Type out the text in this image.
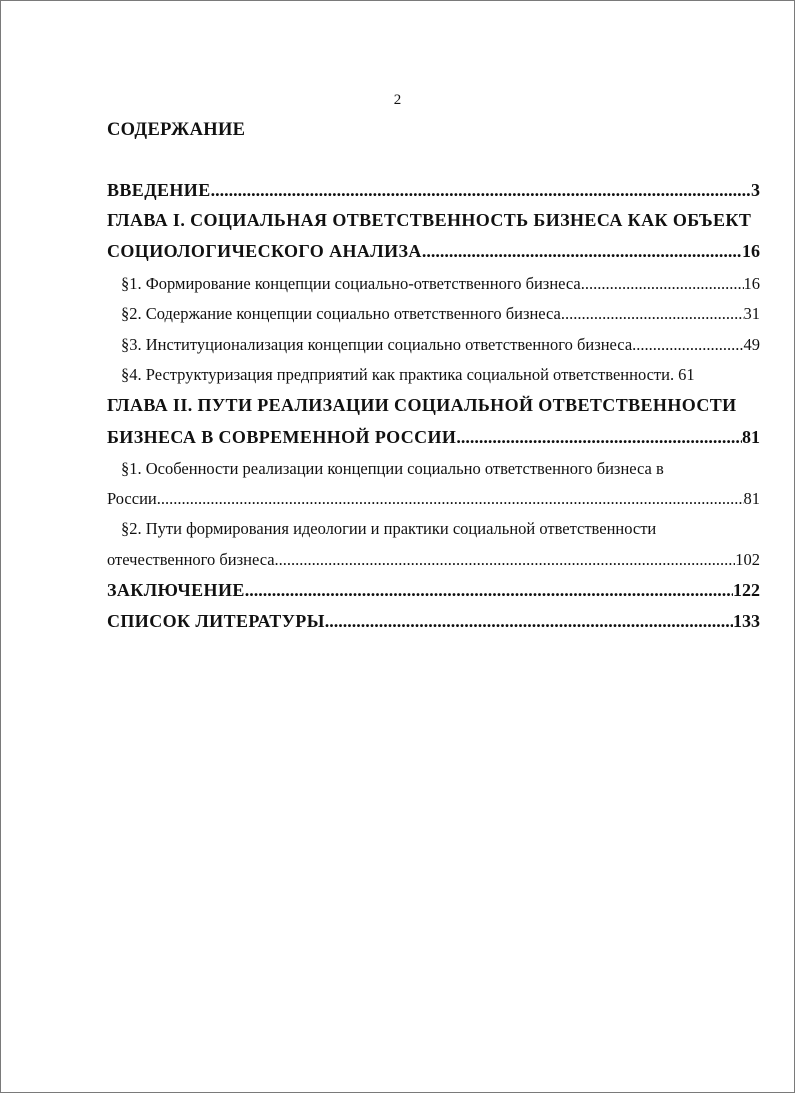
2
СОДЕРЖАНИЕ
ВВЕДЕНИЕ .....	3
ГЛАВА I. СОЦИАЛЬНАЯ ОТВЕТСТВЕННОСТЬ БИЗНЕСА КАК ОБЪЕКТ
СОЦИОЛОГИЧЕСКОГО АНАЛИЗА .....	16
§1. Формирование концепции социально-ответственного бизнеса .....	16
§2. Содержание концепции социально ответственного бизнеса .....	31
§3. Институционализация концепции социально ответственного бизнеса .....	49
§4. Реструктуризация предприятий как практика социальной ответственности. 61
ГЛАВА II. ПУТИ РЕАЛИЗАЦИИ СОЦИАЛЬНОЙ ОТВЕТСТВЕННОСТИ
БИЗНЕСА В СОВРЕМЕННОЙ РОССИИ .....	81
§1. Особенности реализации концепции социально ответственного бизнеса в
России .....	81
§2. Пути формирования идеологии и практики социальной ответственности
отечественного бизнеса .....	102
ЗАКЛЮЧЕНИЕ .....	122
СПИСОК ЛИТЕРАТУРЫ .....	133
